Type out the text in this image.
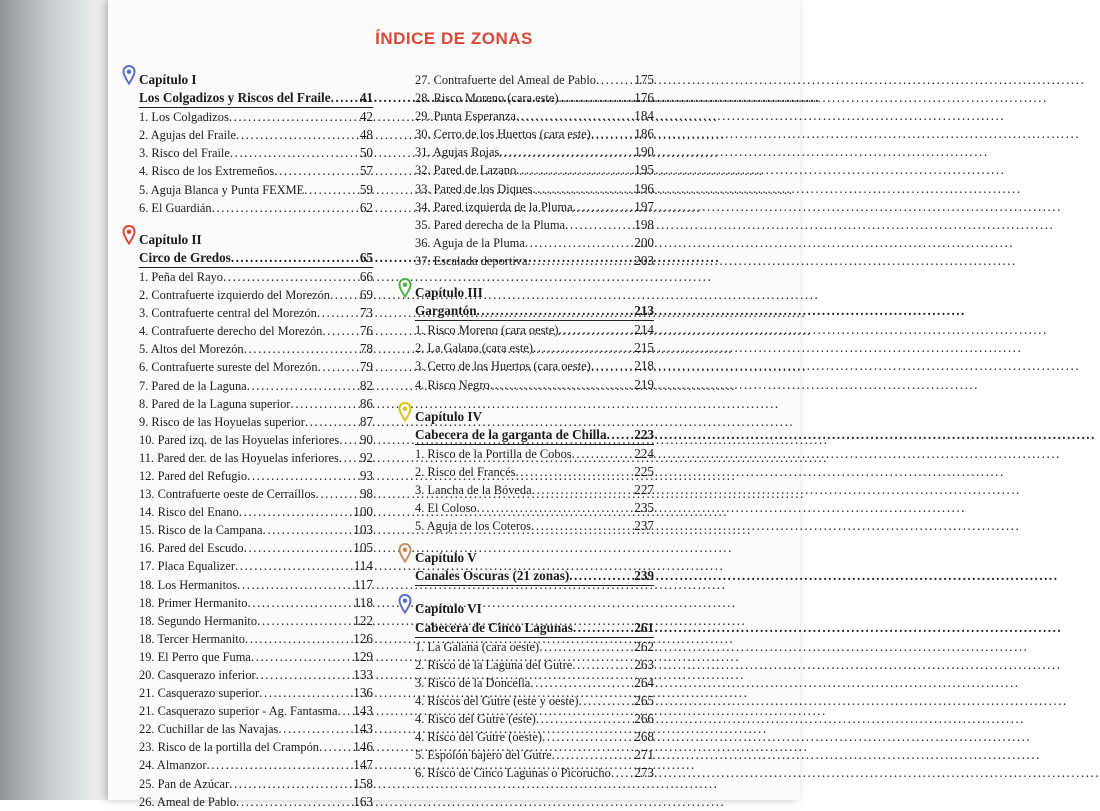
ÍNDICE DE ZONAS
Capítulo I
Los Colgadizos y Riscos del Fraile ..... 41
1. Los Colgadizos .....	42
2. Agujas del Fraile .....	48
3. Risco del Fraile .....	50
4. Risco de los Extremeños .....	57
5. Aguja Blanca y Punta FEXME .....	59
6. El Guardián .....	62
Capítulo II
Circo de Gredos .....	65
1. Peña del Rayo .....	66
2. Contrafuerte izquierdo del Morezón ..... 69
3. Contrafuerte central del Morezón .....	73
4. Contrafuerte derecho del Morezón .....	76
5. Altos del Morezón .....	78
6. Contrafuerte sureste del Morezón .....	79
7. Pared de la Laguna .....	82
8. Pared de la Laguna superior .....	86
9. Risco de las Hoyuelas superior .....	87
10. Pared izq. de las Hoyuelas inferiores ..... 90
11. Pared der. de las Hoyuelas inferiores ..... 92
12. Pared del Refugio .....	93
13. Contrafuerte oeste de Cerraíllos .....	98
14. Risco del Enano .....	100
15. Risco de la Campana .....	103
16. Pared del Escudo .....	105
17. Placa Equalizer .....	114
18. Los Hermanitos .....	117
18. Primer Hermanito .....	118
18. Segundo Hermanito .....	122
18. Tercer Hermanito .....	126
19. El Perro que Fuma .....	129
20. Casquerazo inferior .....	133
21. Casquerazo superior .....	136
21. Casquerazo superior - Ag. Fantasma ..... 143
22. Cuchillar de las Navajas .....	143
23. Risco de la portilla del Crampón .....	146
24. Almanzor .....	147
25. Pan de Azúcar .....	158
26. Ameal de Pablo .....	163
27. Contrafuerte del Ameal de Pablo .....	175
28. Risco Moreno (cara este) .....	176
29. Punta Esperanza .....	184
30. Cerro de los Huertos (cara este) .....	186
31. Agujas Rojas .....	190
32. Pared de Lazano .....	195
33. Pared de los Diques .....	196
34. Pared izquierda de la Pluma .....	197
35. Pared derecha de la Pluma .....	198
36. Aguja de la Pluma .....	200
37. Escalada deportiva .....	203
Capítulo III
Gargantón .....	213
1. Risco Moreno (cara oeste) .....	214
2. La Galana (cara este) .....	215
3. Cerro de los Huertos (cara oeste) .....	218
4. Risco Negro .....	219
Capítulo IV
Cabecera de la garganta de Chilla ..... 223
1. Risco de la Portilla de Cobos .....	224
2. Risco del Francés .....	225
3. Lancha de la Bóveda .....	227
4. El Coloso .....	235
5. Aguja de los Coteros .....	237
Capítulo V
Canales Oscuras (21 zonas) .....	239
Capítulo VI
Cabecera de Cinco Lagunas .....	261
1. La Galana (cara oeste) .....	262
2. Risco de la Laguna del Gutre .....	263
3. Risco de la Doncella .....	264
4. Riscos del Gutre (este y oeste) .....	265
4. Risco del Gutre (este) .....	266
4. Risco del Gutre (oeste) .....	268
5. Espolón bajero del Gutre .....	271
6. Risco de Cinco Lagunas o Picorucho ..... 273
